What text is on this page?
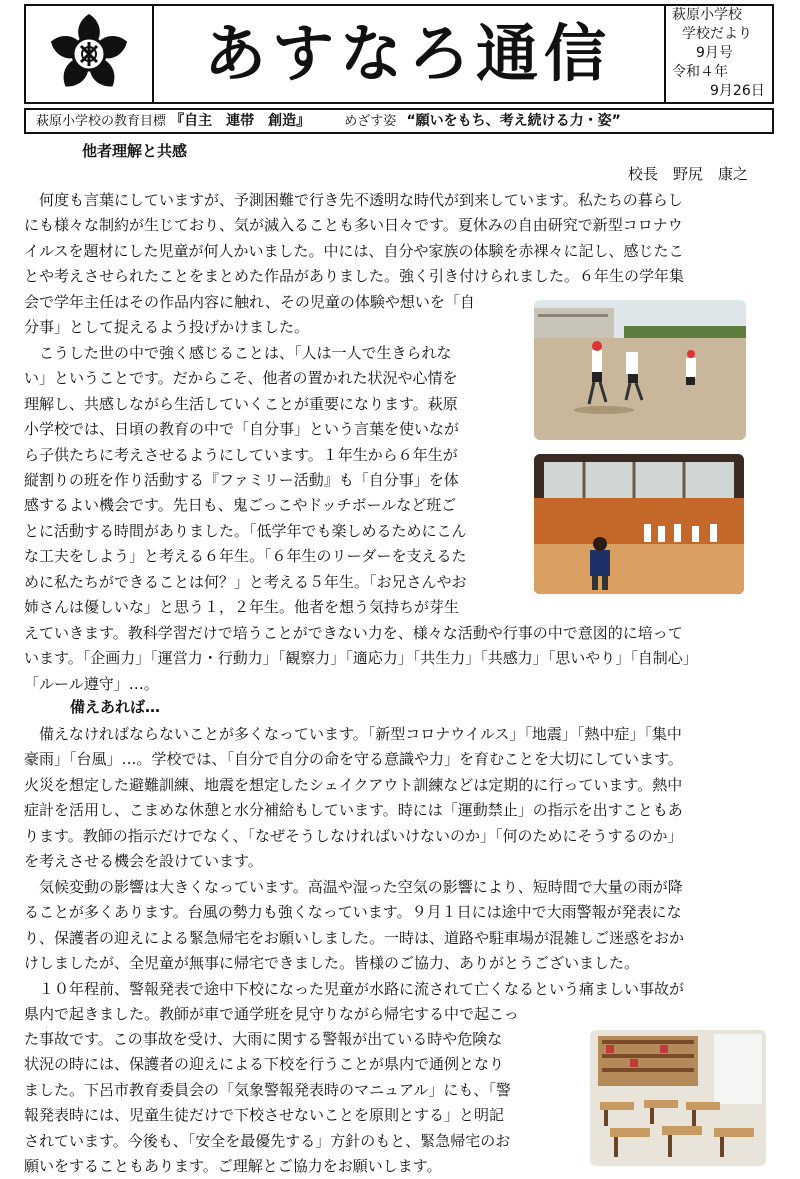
あすなろ通信
萩原小学校
学校だより
9月号
令和４年
9月26日
萩原小学校の教育目標 『自主　連帯　創造』	めざす姿 “願いをもち、考え続ける力・姿”
他者理解と共感
校長　野尻　康之
　何度も言葉にしていますが、予測困難で行き先不透明な時代が到来しています。私たちの暮らし
にも様々な制約が生じており、気が滅入ることも多い日々です。夏休みの自由研究で新型コロナウ
イルスを題材にした児童が何人かいました。中には、自分や家族の体験を赤裸々に記し、感じたこ
とや考えさせられたことをまとめた作品がありました。強く引き付けられました。６年生の学年集
会で学年主任はその作品内容に触れ、その児童の体験や想いを「自
分事」として捉えるよう投げかけました。
　こうした世の中で強く感じることは、「人は一人で生きられな
い」ということです。だからこそ、他者の置かれた状況や心情を
理解し、共感しながら生活していくことが重要になります。萩原
小学校では、日頃の教育の中で「自分事」という言葉を使いなが
ら子供たちに考えさせるようにしています。１年生から６年生が
縦割りの班を作り活動する『ファミリー活動』も「自分事」を体
感するよい機会です。先日も、鬼ごっこやドッチボールなど班ご
とに活動する時間がありました。「低学年でも楽しめるためにこん
な工夫をしよう」と考える６年生。「６年生のリーダーを支えるた
めに私たちができることは何？」と考える５年生。「お兄さんやお
姉さんは優しいな」と思う１，２年生。他者を想う気持ちが芽生
えていきます。教科学習だけで培うことができない力を、様々な活動や行事の中で意図的に培って
います。「企画力」「運営力・行動力」「観察力」「適応力」「共生力」「共感力」「思いやり」「自制心」
「ルール遵守」…。
備えあれば…
　備えなければならないことが多くなっています。「新型コロナウイルス」「地震」「熱中症」「集中
豪雨」「台風」…。学校では、「自分で自分の命を守る意識や力」を育むことを大切にしています。
火災を想定した避難訓練、地震を想定したシェイクアウト訓練などは定期的に行っています。熱中
症計を活用し、こまめな休憩と水分補給もしています。時には「運動禁止」の指示を出すこともあ
ります。教師の指示だけでなく、「なぜそうしなければいけないのか」「何のためにそうするのか」
を考えさせる機会を設けています。
　気候変動の影響は大きくなっています。高温や湿った空気の影響により、短時間で大量の雨が降
ることが多くあります。台風の勢力も強くなっています。９月１日には途中で大雨警報が発表にな
り、保護者の迎えによる緊急帰宅をお願いしました。一時は、道路や駐車場が混雑しご迷惑をおか
けしましたが、全児童が無事に帰宅できました。皆様のご協力、ありがとうございました。
　１０年程前、警報発表で途中下校になった児童が水路に流されて亡くなるという痛ましい事故が
県内で起きました。教師が車で通学班を見守りながら帰宅する中で起こっ
た事故です。この事故を受け、大雨に関する警報が出ている時や危険な
状況の時には、保護者の迎えによる下校を行うことが県内で通例となり
ました。下呂市教育委員会の「気象警報発表時のマニュアル」にも、「警
報発表時には、児童生徒だけで下校させないことを原則とする」と明記
されています。今後も、「安全を最優先する」方針のもと、緊急帰宅のお
願いをすることもあります。ご理解とご協力をお願いします。
